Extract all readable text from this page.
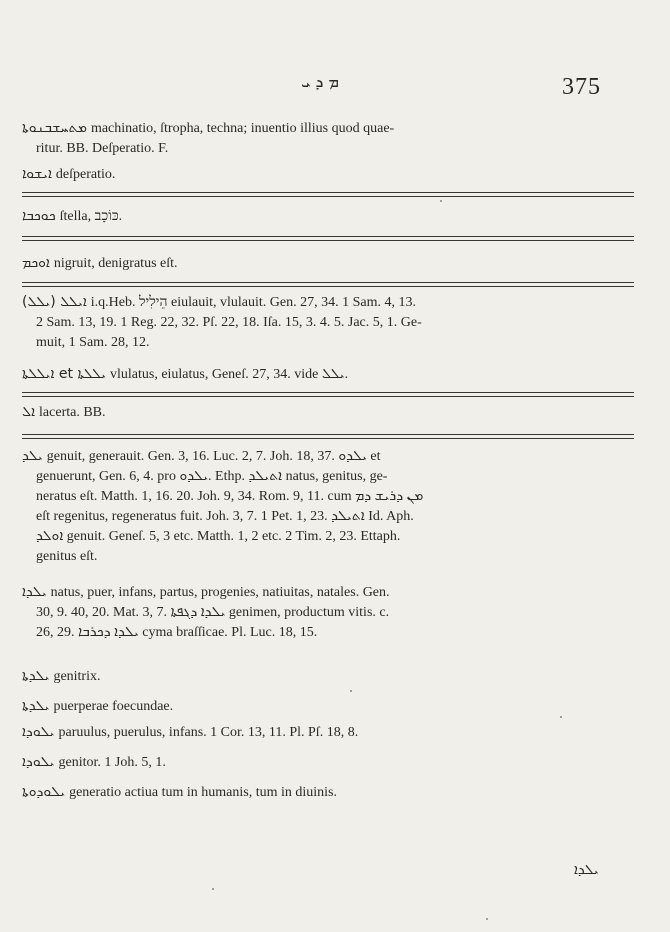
ܡ ܕ ܝ	375
ܡܬܚܫܒܢܘܬܐ machinatio, ſtropha, techna; inuentio illius quod quae-
ritur. BB. Deſperatio. F.
ܐܝܫܘܐ deſperatio.
ܟܘܟܒܐ ſtella, כּוֹכָב.
ܐܘܟܡ nigruit, denigratus eſt.
(ܝܠܠ) ܐܝܠܠ i.q.Heb. הֵילִיל eiulauit, vlulauit. Gen. 27, 34. 1 Sam. 4, 13.
2 Sam. 13, 19. 1 Reg. 22, 32. Pſ. 22, 18. Iſa. 15, 3. 4. 5. Jac. 5, 1. Ge-
muit, 1 Sam. 28, 12.
ܐܝܠܠܬܐ et ܝܠܠܬܐ vlulatus, eiulatus, Geneſ. 27, 34. vide ܝܠܠ.
ܐܠ lacerta. BB.
ܝܠܕ genuit, generauit. Gen. 3, 16. Luc. 2, 7. Joh. 18, 37. ܝܠܕܘ et
genuerunt, Gen. 6, 4. pro ܝܠܕܘ. Ethp. ܐܬܝܠܕ natus, genitus, ge-
neratus eſt. Matth. 1, 16. 20. Joh. 9, 34. Rom. 9, 11. cum ܡܢ ܕܪܝܫ ܕܡ
eſt regenitus, regeneratus fuit. Joh. 3, 7. 1 Pet. 1, 23. ܐܬܝܠܕ Id. Aph.
ܐܘܠܕ genuit. Geneſ. 5, 3 etc. Matth. 1, 2 etc. 2 Tim. 2, 23. Ettaph.
genitus eſt.
ܝܠܕܐ natus, puer, infans, partus, progenies, natiuitas, natales. Gen.
30, 9. 40, 20. Mat. 3, 7. ܝܠܕܐ ܕܓܦܬܐ genimen, productum vitis. c.
26, 29. ܝܠܕܐ ܕܟܪܒܐ cyma braſſicae. Pl. Luc. 18, 15.
ܝܠܕܬܐ genitrix.
ܝܠܕܬܐ puerperae foecundae.
ܝܠܘܕܐ paruulus, puerulus, infans. 1 Cor. 13, 11. Pl. Pſ. 18, 8.
ܝܠܘܕܐ genitor. 1 Joh. 5, 1.
ܝܠܘܕܘܬܐ generatio actiua tum in humanis, tum in diuinis.
ܝܠܕܐ
